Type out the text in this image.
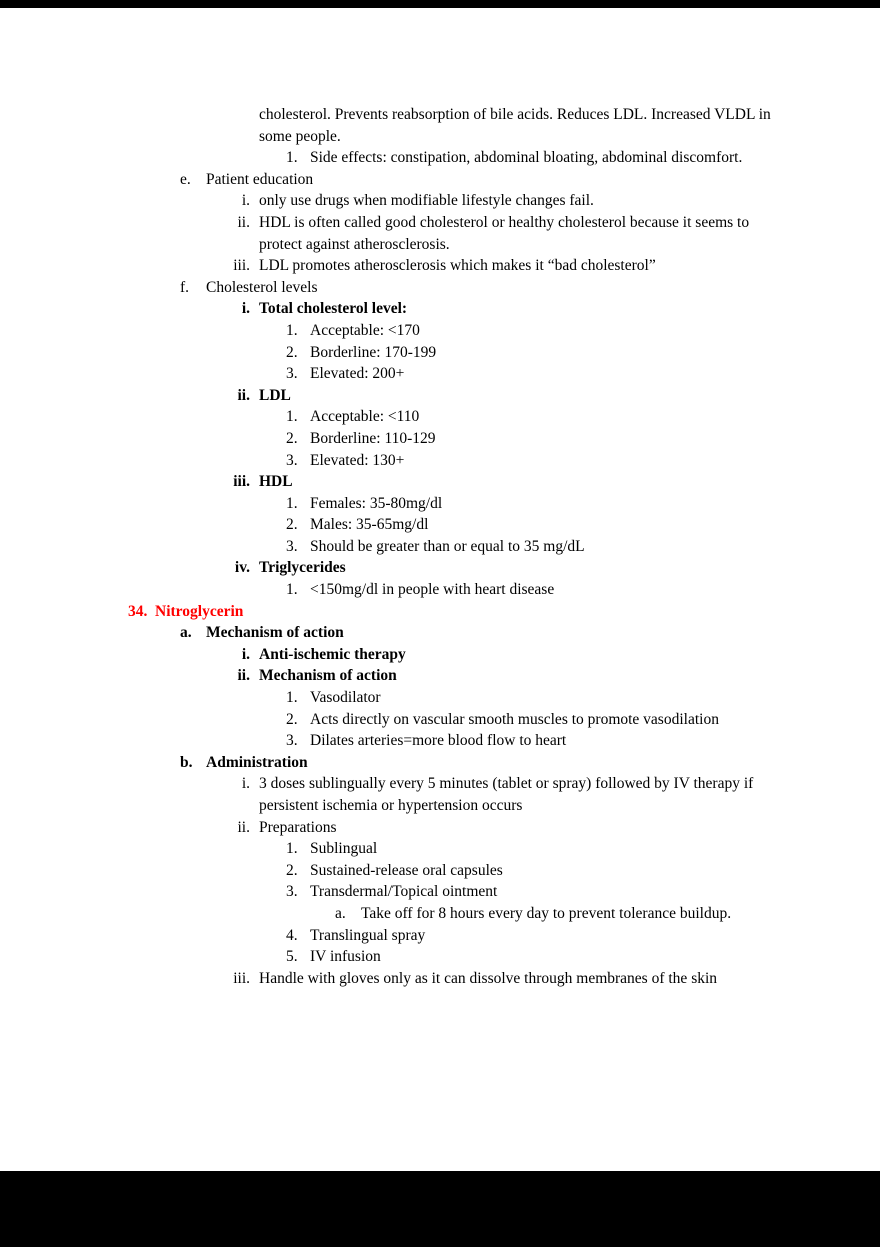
cholesterol. Prevents reabsorption of bile acids. Reduces LDL. Increased VLDL in some people.
1. Side effects: constipation, abdominal bloating, abdominal discomfort.
e. Patient education
i. only use drugs when modifiable lifestyle changes fail.
ii. HDL is often called good cholesterol or healthy cholesterol because it seems to protect against atherosclerosis.
iii. LDL promotes atherosclerosis which makes it “bad cholesterol”
f.	Cholesterol levels
i. Total cholesterol level:
1. Acceptable: <170
2. Borderline: 170-199
3. Elevated: 200+
ii. LDL
1. Acceptable: <110
2. Borderline: 110-129
3. Elevated: 130+
iii. HDL
1. Females: 35-80mg/dl
2. Males: 35-65mg/dl
3. Should be greater than or equal to 35 mg/dL
iv. Triglycerides
1. <150mg/dl in people with heart disease
34. Nitroglycerin
a. Mechanism of action
i. Anti-ischemic therapy
ii. Mechanism of action
1. Vasodilator
2. Acts directly on vascular smooth muscles to promote vasodilation
3. Dilates arteries=more blood flow to heart
b. Administration
i. 3 doses sublingually every 5 minutes (tablet or spray) followed by IV therapy if persistent ischemia or hypertension occurs
ii. Preparations
1. Sublingual
2. Sustained-release oral capsules
3. Transdermal/Topical ointment
a. Take off for 8 hours every day to prevent tolerance buildup.
4. Translingual spray
5. IV infusion
iii. Handle with gloves only as it can dissolve through membranes of the skin
